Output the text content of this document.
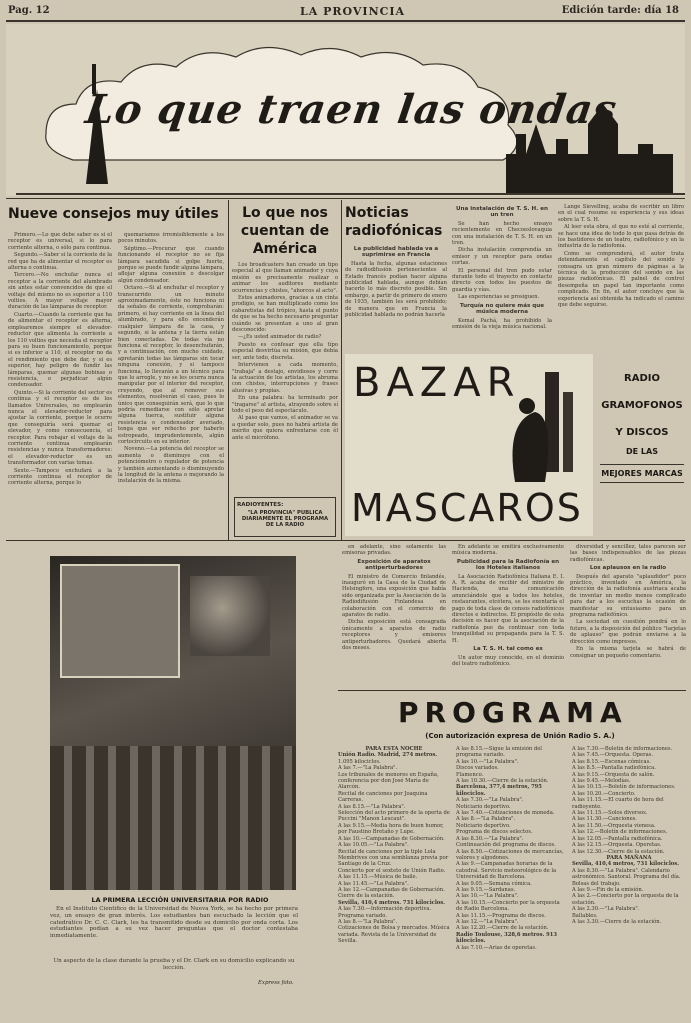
Pag. 12	LA PROVINCIA	Edición tarde: día 18
Lo que traen las ondas
Nueve consejos muy útiles

Primero.—Lo que debe saber es si el receptor es universal, si lo para corriente alterna, o sólo para continua.

Segundo.—Saber si la corriente de la red que ha de alimentar el receptor es alterna o continua.

Tercero.—No enchufar nunca el receptor a la corriente del alumbrado sin antes estar convencidos de que el voltaje del mismo no es superior a 110 voltios. A mayor voltaje mayor duración de las lámparas de receptor.

Cuarto.—Cuando la corriente que ha de alimentar el receptor es alterna, emplearemos siempre el elevador-reductor que alimenta la corriente a los 110 voltios que necesita el receptor para su buen funcionamiento, porque si es inferior a 110, el receptor no da el rendimiento que debe dar, y si es superior, hay peligro de fundir las lámparas, quemar algunas bobinas o resistencia, o perjudicar algún condensador.

Quinto.—Si la corriente del sector es continua y el receptor es de los llamados Universales, no emplearán nunca el elevador-reductor para ajustar la corriente, porque le ocurre que conseguiría será quemar el elevador, y como consecuencia, el receptor. Para rebajar el voltaje de la corriente continua emplearán resistencias y nunca transformadores: el elevador-reductor es un transformador con varias tomas.

Sexto.—Tampoco enchufará a la corriente continua el receptor de corriente alterna, porque lo

quemaríamos irremisiblemente a los pocos minutos.

Séptimo.—Procurar que cuando funcionando el receptor no se fija lámpara sacudida si golpe fuerte, porque se puede fundir alguna lámpara, aflojar alguna conexión o descolgar algún condensador.

Octavo.—Si al enchufar el receptor y transcurrido un minuto aproximadamente, éste no funciona ni da señales de corriente, comprobarán: primero, si hay corriente en la línea del alumbrado, y para ello encenderán cualquier lámpara de la casa, y segundo, si la antena y la tierra están bien conectadas. De todas vía no funciona el receptor, lo desenchufarán, y a continuación, con mucho cuidado, apretarán todas las lámparas sin tocar ninguna conexión, y si tampoco funciona, lo llevarán a un técnico para que lo arregle, y no se les ocurra nunca manipular por el interior del receptor, creyendo, que al remover sus elementos, resolverán el caso, pues lo único que conseguirán será, que lo que podría remediarse con sólo apretar alguna tuerca, sustituir alguna resistencia o condensador averiado, tenga que ser rehecho por haberlo estropeado, imprudentemente, algún cortocircuito en su interior.

Noveno.—La potencia del receptor se aumenta o disminuye con el potenciómetro o regulador de potencia y también aumentando o disminuyendo la longitud de la antena o mejorando la instalación de la misma.

Lo que nos cuentan de América

Los broadcasters han creado un tipo especial al que llaman animador y cuya misión es precisamente realizar o animar los auditores mediante ocurrencias y chistes, "ahorcos al acto".

Estos animadores, gracias a un cinta prodigio, se han multiplicado como los cabaretistas del trópico, hasta el punto de que se ha hecho necesario preguntar cuándo se presentan a uno al gran desconocido:

—¿Es usted animador de radio?

Puesto es confesar que ella típo especial desvirtúa su misión, que debía ser, ante todo, discreta.

Intervienen a cada momento, "trabaja" a destajo, envidiosos y corre la actuación de los artistas, los abruma con chistes, interrupciones y frases alusivas y propias.

En una palabra: ha terminado por "tragarse" al artista, atrayendo sobre sí todo el peso del espectáculo.

Al paso que vamos, el animador se va a quedar solo, pues no habrá artista de mérito que quiera enfrentarse con él ante el micrófono.

RADIOYENTES:
"LA PROVINCIA" PUBLICA DIARIAMENTE EL PROGRAMA DE LA RADIO
Noticias radiofónicas
La publicidad hablada va a suprimirse en Francia

Hasta la fecha, algunas estaciones de radiodifusión pertenecientes al Estado francés podían hacer alguna publicidad hablada, aunque debían hacerlo lo más discreto posible. Sin embargo, a partir de primero de enero de 1935, también les será prohibido; de manera que en Francia la publicidad hablada no podrán hacerla

Una instalación de T. S. H. en un tren

Se han hecho ensayo recientemente en Checoeslovaquia con una instalación de T. S. H. en un tren.

Dicha instalación comprendía un emisor y un receptor para ondas cortas.

El personal del tren pudo estar durante todo el trayecto en contacto directo con todos los puestos de guardia y vías.

Las experiencias se prosiguen.

Turquía no quiere más que música moderna

Kemal Pachá, ha prohibido la emisión de la vieja música nacional.

Lange Sievelling, acaba de escribir un libro en el cual resume su experiencia y sus ideas sobre la T. S. H.

Al leer esta obra, el que no esté al corriente, se hace una idea de todo lo que pasa detrás de los bastidores de un teatro, radiofónico y en la industria de la radiofonía.

Como se comprenderá, el autor trata detenidamente el capítulo del sonido y consagra un gran número de páginas a la técnica de la producción del sonido en las piezas radiofónicas. El palnel de control desempeña un papel tan importante como complicado. En fin, el autor concluye que la experiencia así obtenida ha indicado el camino que debe seguirse.

BAZAR
MASCAROS
RADIO
GRAMOFONOS
Y DISCOS
DE LAS
MEJORES MARCAS
LA PRIMERA LECCIÓN UNIVERSITARIA POR RADIO

En el Instituto Científico de la Universidad de Nueva York, se ha hecho por primera vez, un ensayo de gran interés. Los estudiantes han escuchado la lección que el catedrático Dr. C. C. Clark, les ha transmitido desde su domicilio por onda corta. Los estudiantes podían a su vez hacer preguntas que el doctor contestaba inmediatamente.

Un aspecto de la clase durante la prueba y el Dr. Clark en su domicilio explicando su lección.
Express foto.

en adelante, sino solamente las emisoras privadas.

Exposición de aparatos antiperturbadores

El ministro de Comercio finlandés, inauguró en la Casa de la Ciudad de Helsingfors, una exposición que había sido organizada por la Asociación de la Radiodifusión Finlandesa en colaboración con el comercio de aparatos de radio.

Dicha exposición está consagrada únicamente a aparatos de radio receptores y emisores antiperturbadores. Quedará abierta dos meses.

En adelante se emitirá exclusivamente música moderna.

Publicidad para la Radiofonía en los Hoteles italianos

La Asociación Radiofónica Italiana E. I. A. R. acaba de recibir del ministro de Hacienda, una comunicación anunciándole que a todos los hoteles, restaurantes, etcétera, se les exentaría el pago de toda clase de censos radiofónicos directos e indirectos. El propósito de esta decisión es hacer que la asociación de la radiofonía pue da continuar con toda tranquilidad su propaganda para la T. S. H.

La T. S. H. tal como es

Un autor muy conocido, en el dominio del teatro radiofónico.

diversidad y sencillez, tales parecen ser las bases indispensables de las piezas radiofónicas.

Los aplausos en la radio

Después del aparato "aplaudidor" poco práctico, inventado en América, la dirección de la radiofonía austriaca acaba de inventar un medio menos complicado para dar a los escuchas la ocasión de manifestar su entusiasmo para un programa radiofónico.

La sociedad en cuestión pondrá en lo futuro, a la disposición del público "tarjetas de aplauso" que podrán enviarse a la dirección como impresos.

En la misma tarjeta se habrá de consignar un pequeño comentario.

PROGRAMA
(Con autorización expresa de Unión Radio S. A.)
PARA ESTA NOCHE
Unión Radio. Madrid, 274 metros.
1.095 kilociclos.
A las 7.—"La Palabra".
Los tribunales de menores en España, conferencia por don José María de Alarcón.
Recital de canciones por Joaquina Carreras.
A las 8.15.—"La Palabra".
Selección del acto primero de la operta de Puccini "Manon Lescaut".
A las 9.15.—Media hora de buen humor, por Faustino Bretaño y Lupe.
A las 10.—Campanadas de Gobernación.
A las 10.05.—"La Palabra".
Recital de canciones por la tiple Lola Membrives con una semblanza previa por Santiago de la Cruz.
Concierto por el sexteto de Unión Radio.
A las 11.15.—Música de baile.
A las 11.45.—"La Palabra".
A las 12.—Campanadas de Gobernación.
Cierre de la estación.
Sevilla, 410,4 metros. 731 kilociclos.
A las 7.30.—Información deportiva. Programa variado.
A las 8.—"La Palabra".
Cotizaciones de Bolsa y mercados. Música variada. Revista de la Universidad de Sevilla.
A las 8.15.—Sigue la emisión del programa variado.
A las 10.—"La Palabra".
Discos variados.
Flamenco.
A las 10.30.—Cierre de la estación.
Barcelona, 377,4 metros, 795 kilociclos.
A las 7.30.—"La Palabra".
Noticiario deportivo.
A las 7.40.—Cotizaciones de moneda.
A las 8.—"La Palabra".
Noticiario deportivo.
Programa de discos selectos.
A las 8.30.—"La Palabra".
Continuación del programa de discos.
A las 8.50.—Cotizaciones de mercancías, valores y algodones.
A las 9.—Campanadas horarias de la catedral. Servicio meteorológico de la Universidad de Barcelona.
A las 9.05.—Semana cómica.
A las 9.15.—Sardanas.
A las 10.—"La Palabra".
A las 10.15.—Concierto por la orquesta de Radio Barcelona.
A las 11.15.—Programa de discos.
A las 12.—"La Palabra".
A las 12.20.—Cierre de la estación.
Radio Toulouse, 328,6 metros. 913 kilociclos.
A las 7.10.—Arias de operetas.
A las 7.30.—Boletín de informaciones.
A las 7.45.—Orquesta. Operas.
A las 8.15.—Escenas cómicas.
A las 8.5.—Pantalla radiofónica.
A las 9.15.—Orquesta de salón.
A las 9.45.—Melodías.
A las 10.15.—Boletín de informaciones.
A las 10.20.—Concierto.
A las 11.15.—El cuarto de hora del radioyente.
A las 11.15.—Solos diversos.
A las 11.30.—Canciones.
A las 11.50.—Orquesta vienesa.
A las 12.—Boletín de informaciones.
A las 12.05.—Pantalla radiofónica.
A las 12.15.—Orquesta. Operetas.
A las 12.30.—Cierre de la estación.
PARA MAÑANA
Sevilla, 410,4 metros, 731 kilociclos.
A las 8.30.—"La Palabra". Calendario astronómico. Santoral. Programa del día. Bolsas del trabajo.
A las 9.—Fin de la emisión.
A las 2.—Concierto por la orquesta de la estación.
A las 2.30.—"La Palabra".
Ballables.
A las 3.30.—Cierre de la estación.
